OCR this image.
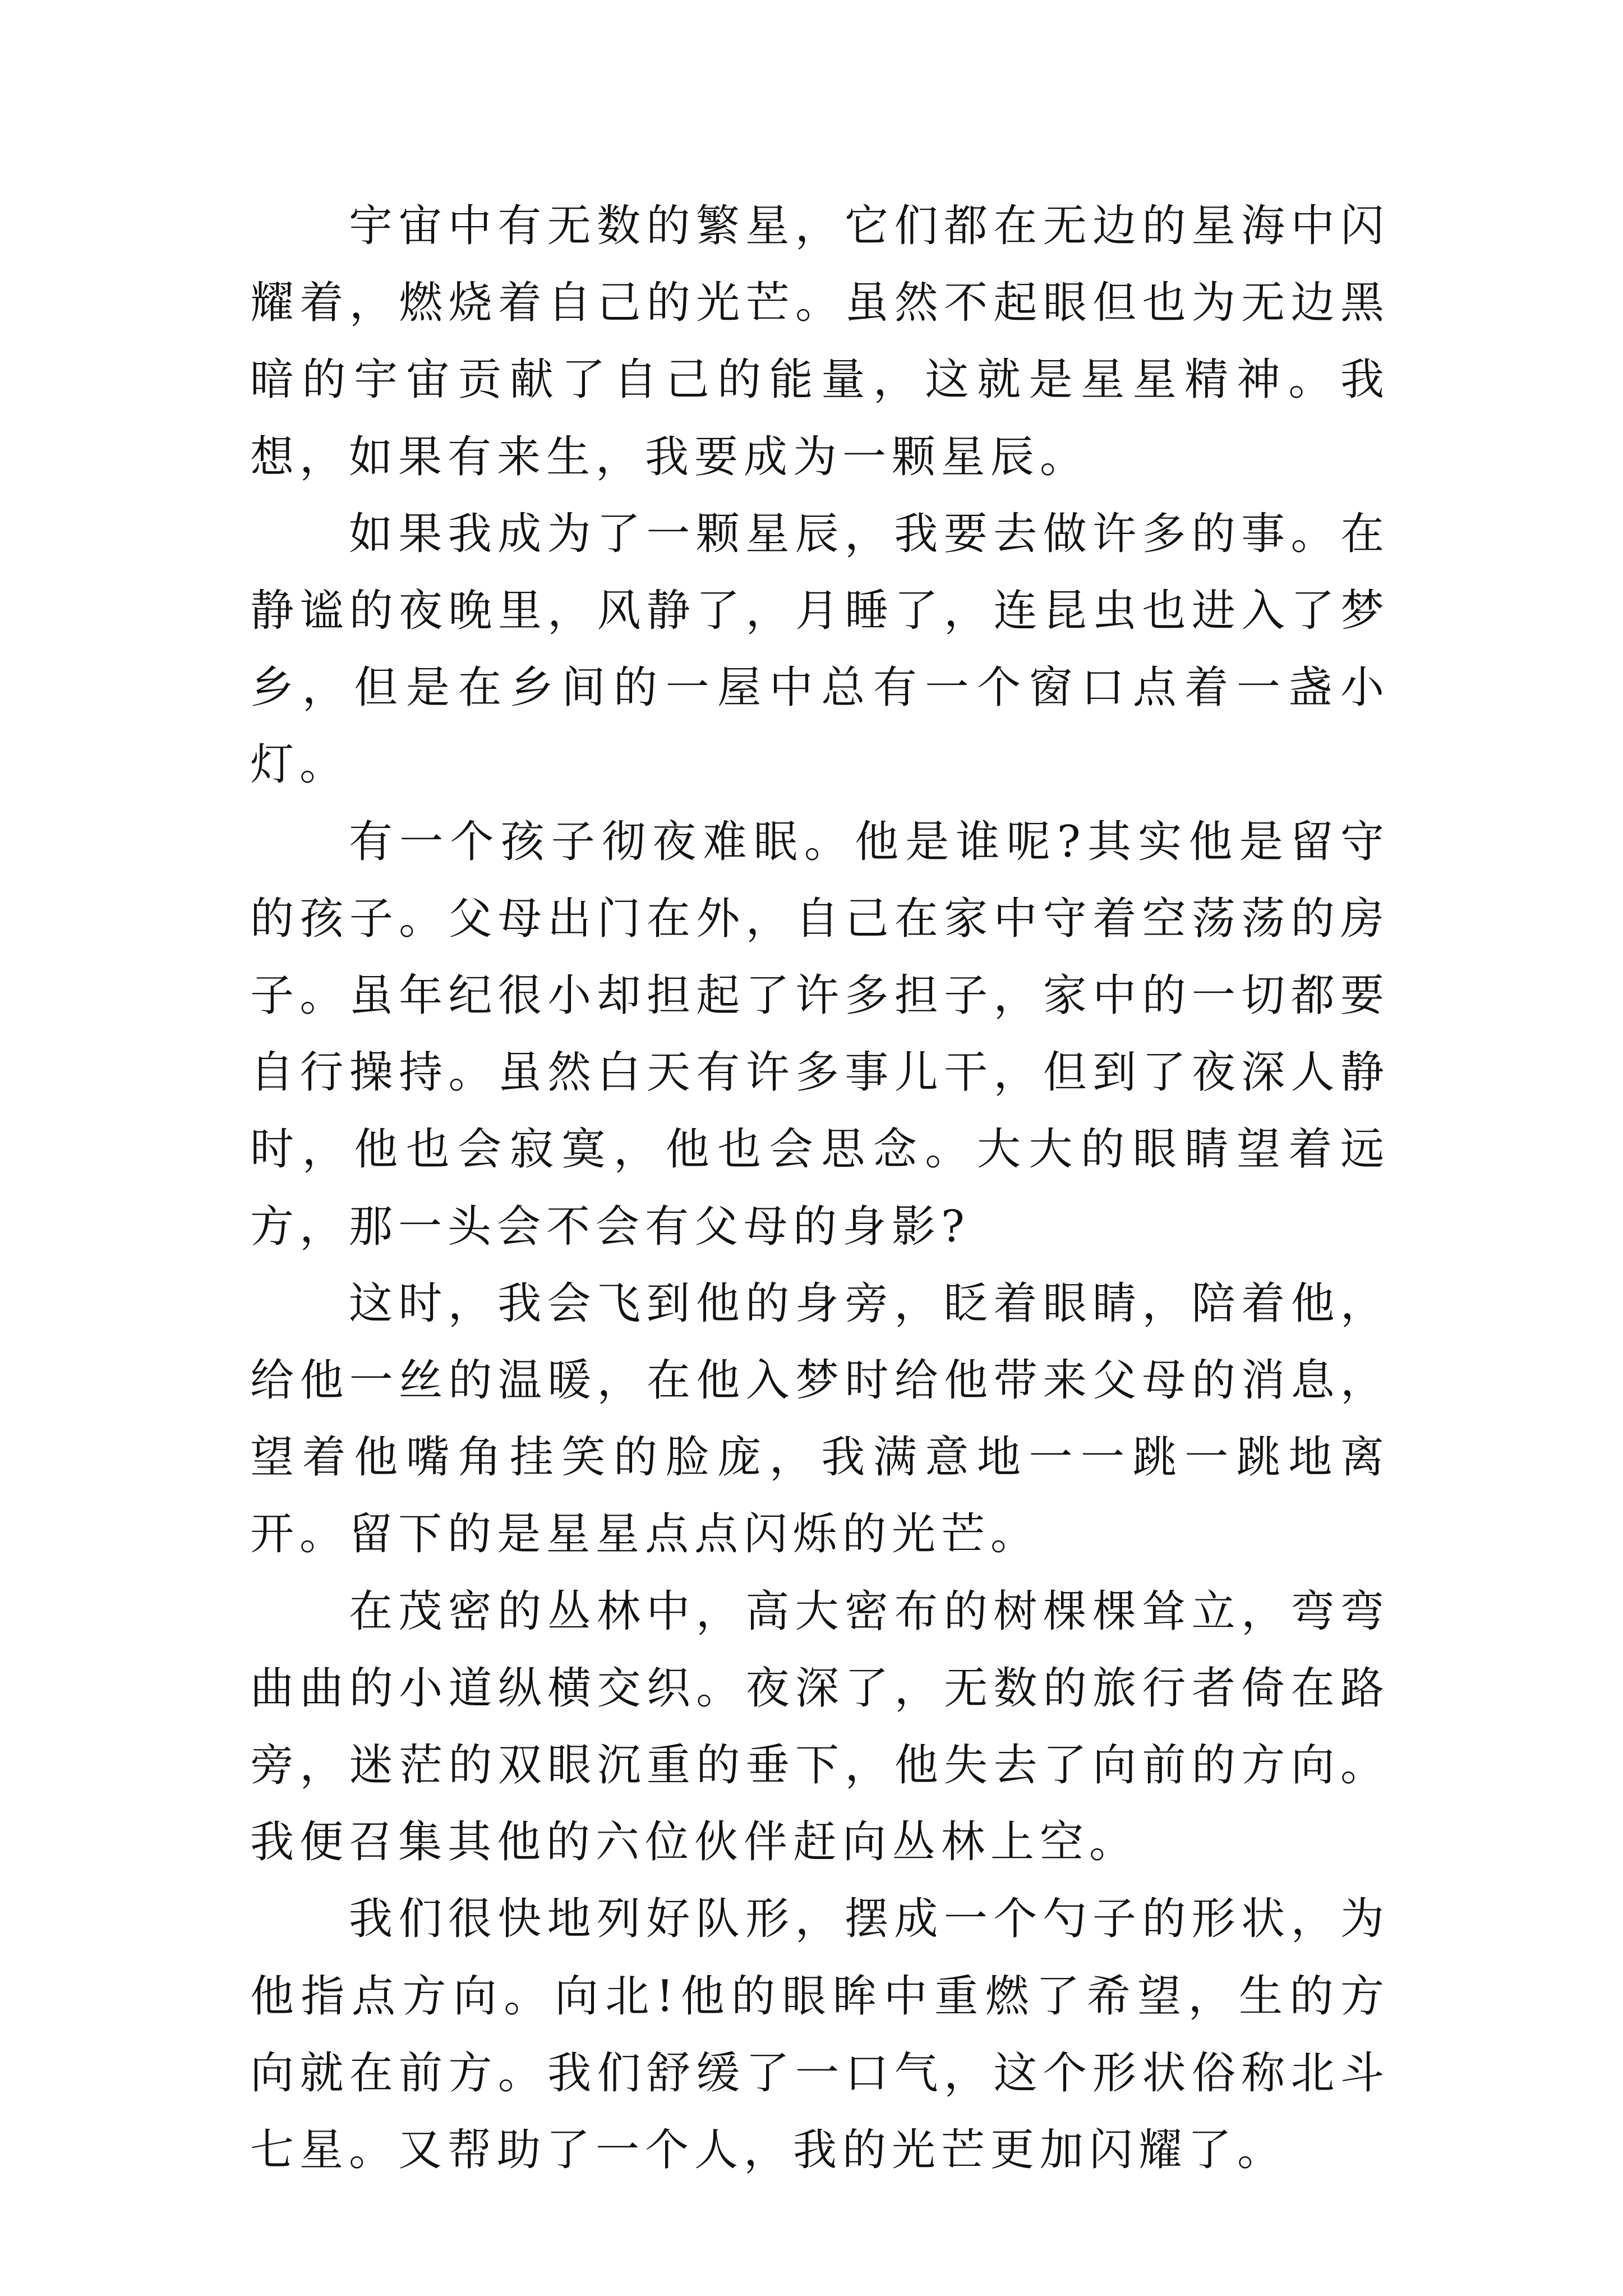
宇宙中有无数的繁星，它们都在无边的星海中闪耀着，燃烧着自己的光芒。虽然不起眼但也为无边黑暗的宇宙贡献了自己的能量，这就是星星精神。我想，如果有来生，我要成为一颗星辰。

如果我成为了一颗星辰，我要去做许多的事。在静谧的夜晚里，风静了，月睡了，连昆虫也进入了梦乡，但是在乡间的一屋中总有一个窗口点着一盏小灯。

有一个孩子彻夜难眠。他是谁呢?其实他是留守的孩子。父母出门在外，自己在家中守着空荡荡的房子。虽年纪很小却担起了许多担子，家中的一切都要自行操持。虽然白天有许多事儿干，但到了夜深人静时，他也会寂寞，他也会思念。大大的眼睛望着远方，那一头会不会有父母的身影?

这时，我会飞到他的身旁，眨着眼睛，陪着他，给他一丝的温暖，在他入梦时给他带来父母的消息，望着他嘴角挂笑的脸庞，我满意地一一跳一跳地离开。留下的是星星点点闪烁的光芒。

在茂密的丛林中，高大密布的树棵棵耸立，弯弯曲曲的小道纵横交织。夜深了，无数的旅行者倚在路旁，迷茫的双眼沉重的垂下，他失去了向前的方向。我便召集其他的六位伙伴赶向丛林上空。

我们很快地列好队形，摆成一个勺子的形状，为他指点方向。向北!他的眼眸中重燃了希望，生的方向就在前方。我们舒缓了一口气，这个形状俗称北斗七星。又帮助了一个人，我的光芒更加闪耀了。
